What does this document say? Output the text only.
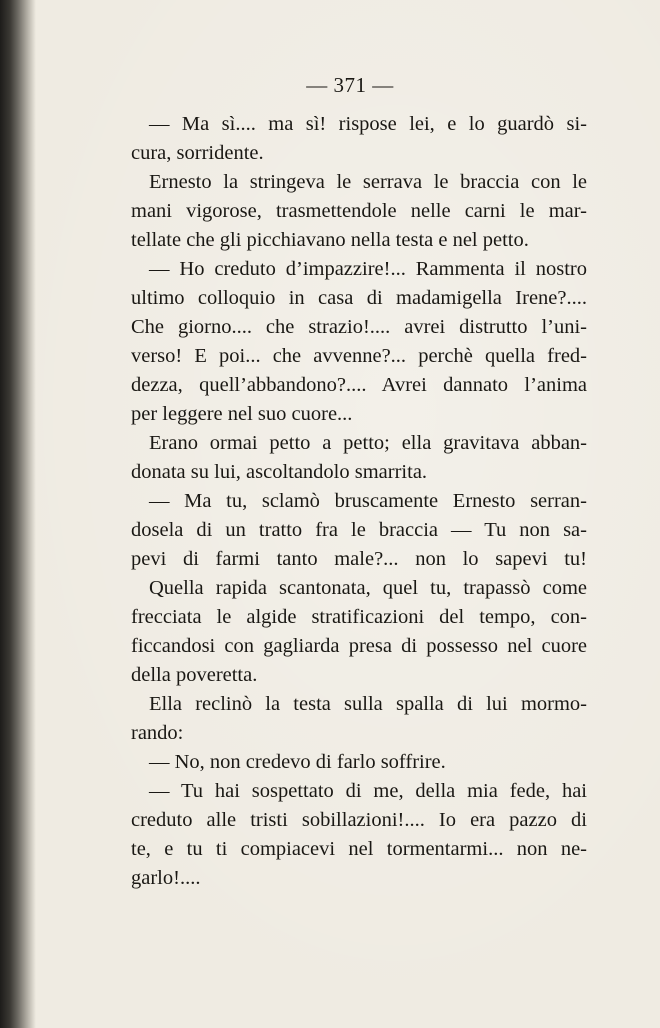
— 371 —
— Ma sì.... ma sì! rispose lei, e lo guardò si-
cura, sorridente.
Ernesto la stringeva le serrava le braccia con le
mani vigorose, trasmettendole nelle carni le mar-
tellate che gli picchiavano nella testa e nel petto.
— Ho creduto d’impazzire!... Rammenta il nostro
ultimo colloquio in casa di madamigella Irene?....
Che giorno.... che strazio!.... avrei distrutto l’uni-
verso! E poi... che avvenne?... perchè quella fred-
dezza, quell’abbandono?.... Avrei dannato l’anima
per leggere nel suo cuore...
Erano ormai petto a petto; ella gravitava abban-
donata su lui, ascoltandolo smarrita.
— Ma tu, sclamò bruscamente Ernesto serran-
dosela di un tratto fra le braccia — Tu non sa-
pevi di farmi tanto male?... non lo sapevi tu!
Quella rapida scantonata, quel tu, trapassò come
frecciata le algide stratificazioni del tempo, con-
ficcandosi con gagliarda presa di possesso nel cuore
della poveretta.
Ella reclinò la testa sulla spalla di lui mormo-
rando:
— No, non credevo di farlo soffrire.
— Tu hai sospettato di me, della mia fede, hai
creduto alle tristi sobillazioni!.... Io era pazzo di
te, e tu ti compiacevi nel tormentarmi... non ne-
garlo!....
